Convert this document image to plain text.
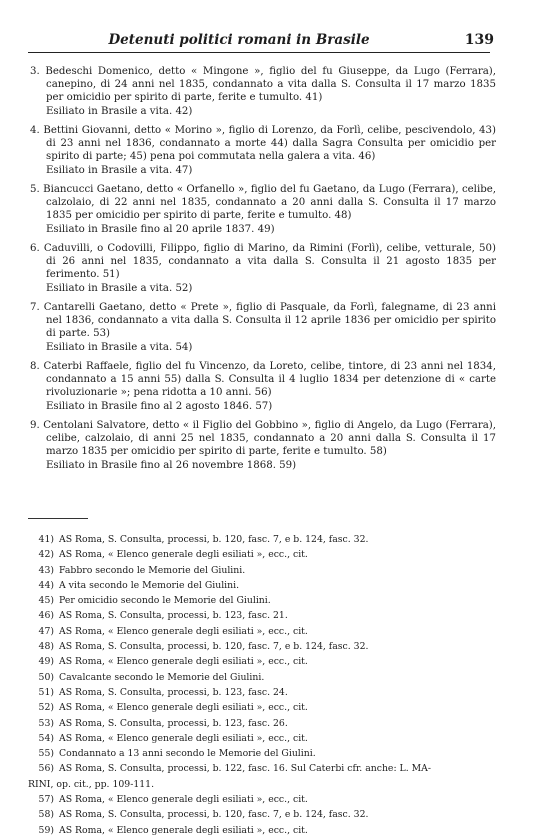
Detenuti politici romani in Brasile	139
3. Bedeschi Domenico, detto « Mingone », figlio del fu Giuseppe, da Lugo (Ferrara), canepino, di 24 anni nel 1835, condannato a vita dalla S. Consulta il 17 marzo 1835 per omicidio per spirito di parte, ferite e tumulto. 41)
Esiliato in Brasile a vita. 42)
4. Bettini Giovanni, detto « Morino », figlio di Lorenzo, da Forlì, celibe, pescivendolo, 43) di 23 anni nel 1836, condannato a morte 44) dalla Sagra Consulta per omicidio per spirito di parte; 45) pena poi commutata nella galera a vita. 46)
Esiliato in Brasile a vita. 47)
5. Biancucci Gaetano, detto « Orfanello », figlio del fu Gaetano, da Lugo (Ferrara), celibe, calzolaio, di 22 anni nel 1835, condannato a 20 anni dalla S. Consulta il 17 marzo 1835 per omicidio per spirito di parte, ferite e tumulto. 48)
Esiliato in Brasile fino al 20 aprile 1837. 49)
6. Caduvilli, o Codovilli, Filippo, figlio di Marino, da Rimini (Forlì), celibe, vetturale, 50) di 26 anni nel 1835, condannato a vita dalla S. Consulta il 21 agosto 1835 per ferimento. 51)
Esiliato in Brasile a vita. 52)
7. Cantarelli Gaetano, detto « Prete », figlio di Pasquale, da Forlì, falegname, di 23 anni nel 1836, condannato a vita dalla S. Consulta il 12 aprile 1836 per omicidio per spirito di parte. 53)
Esiliato in Brasile a vita. 54)
8. Caterbi Raffaele, figlio del fu Vincenzo, da Loreto, celibe, tintore, di 23 anni nel 1834, condannato a 15 anni 55) dalla S. Consulta il 4 luglio 1834 per detenzione di « carte rivoluzionarie »; pena ridotta a 10 anni. 56)
Esiliato in Brasile fino al 2 agosto 1846. 57)
9. Centolani Salvatore, detto « il Figlio del Gobbino », figlio di Angelo, da Lugo (Ferrara), celibe, calzolaio, di anni 25 nel 1835, condannato a 20 anni dalla S. Consulta il 17 marzo 1835 per omicidio per spirito di parte, ferite e tumulto. 58)
Esiliato in Brasile fino al 26 novembre 1868. 59)
41) AS Roma, S. Consulta, processi, b. 120, fasc. 7, e b. 124, fasc. 32.
42) AS Roma, « Elenco generale degli esiliati », ecc., cit.
43) Fabbro secondo le Memorie del Giulini.
44) A vita secondo le Memorie del Giulini.
45) Per omicidio secondo le Memorie del Giulini.
46) AS Roma, S. Consulta, processi, b. 123, fasc. 21.
47) AS Roma, « Elenco generale degli esiliati », ecc., cit.
48) AS Roma, S. Consulta, processi, b. 120, fasc. 7, e b. 124, fasc. 32.
49) AS Roma, « Elenco generale degli esiliati », ecc., cit.
50) Cavalcante secondo le Memorie del Giulini.
51) AS Roma, S. Consulta, processi, b. 123, fasc. 24.
52) AS Roma, « Elenco generale degli esiliati », ecc., cit.
53) AS Roma, S. Consulta, processi, b. 123, fasc. 26.
54) AS Roma, « Elenco generale degli esiliati », ecc., cit.
55) Condannato a 13 anni secondo le Memorie del Giulini.
56) AS Roma, S. Consulta, processi, b. 122, fasc. 16. Sul Caterbi cfr. anche: L. MA-
RINI, op. cit., pp. 109-111.
57) AS Roma, « Elenco generale degli esiliati », ecc., cit.
58) AS Roma, S. Consulta, processi, b. 120, fasc. 7, e b. 124, fasc. 32.
59) AS Roma, « Elenco generale degli esiliati », ecc., cit.
